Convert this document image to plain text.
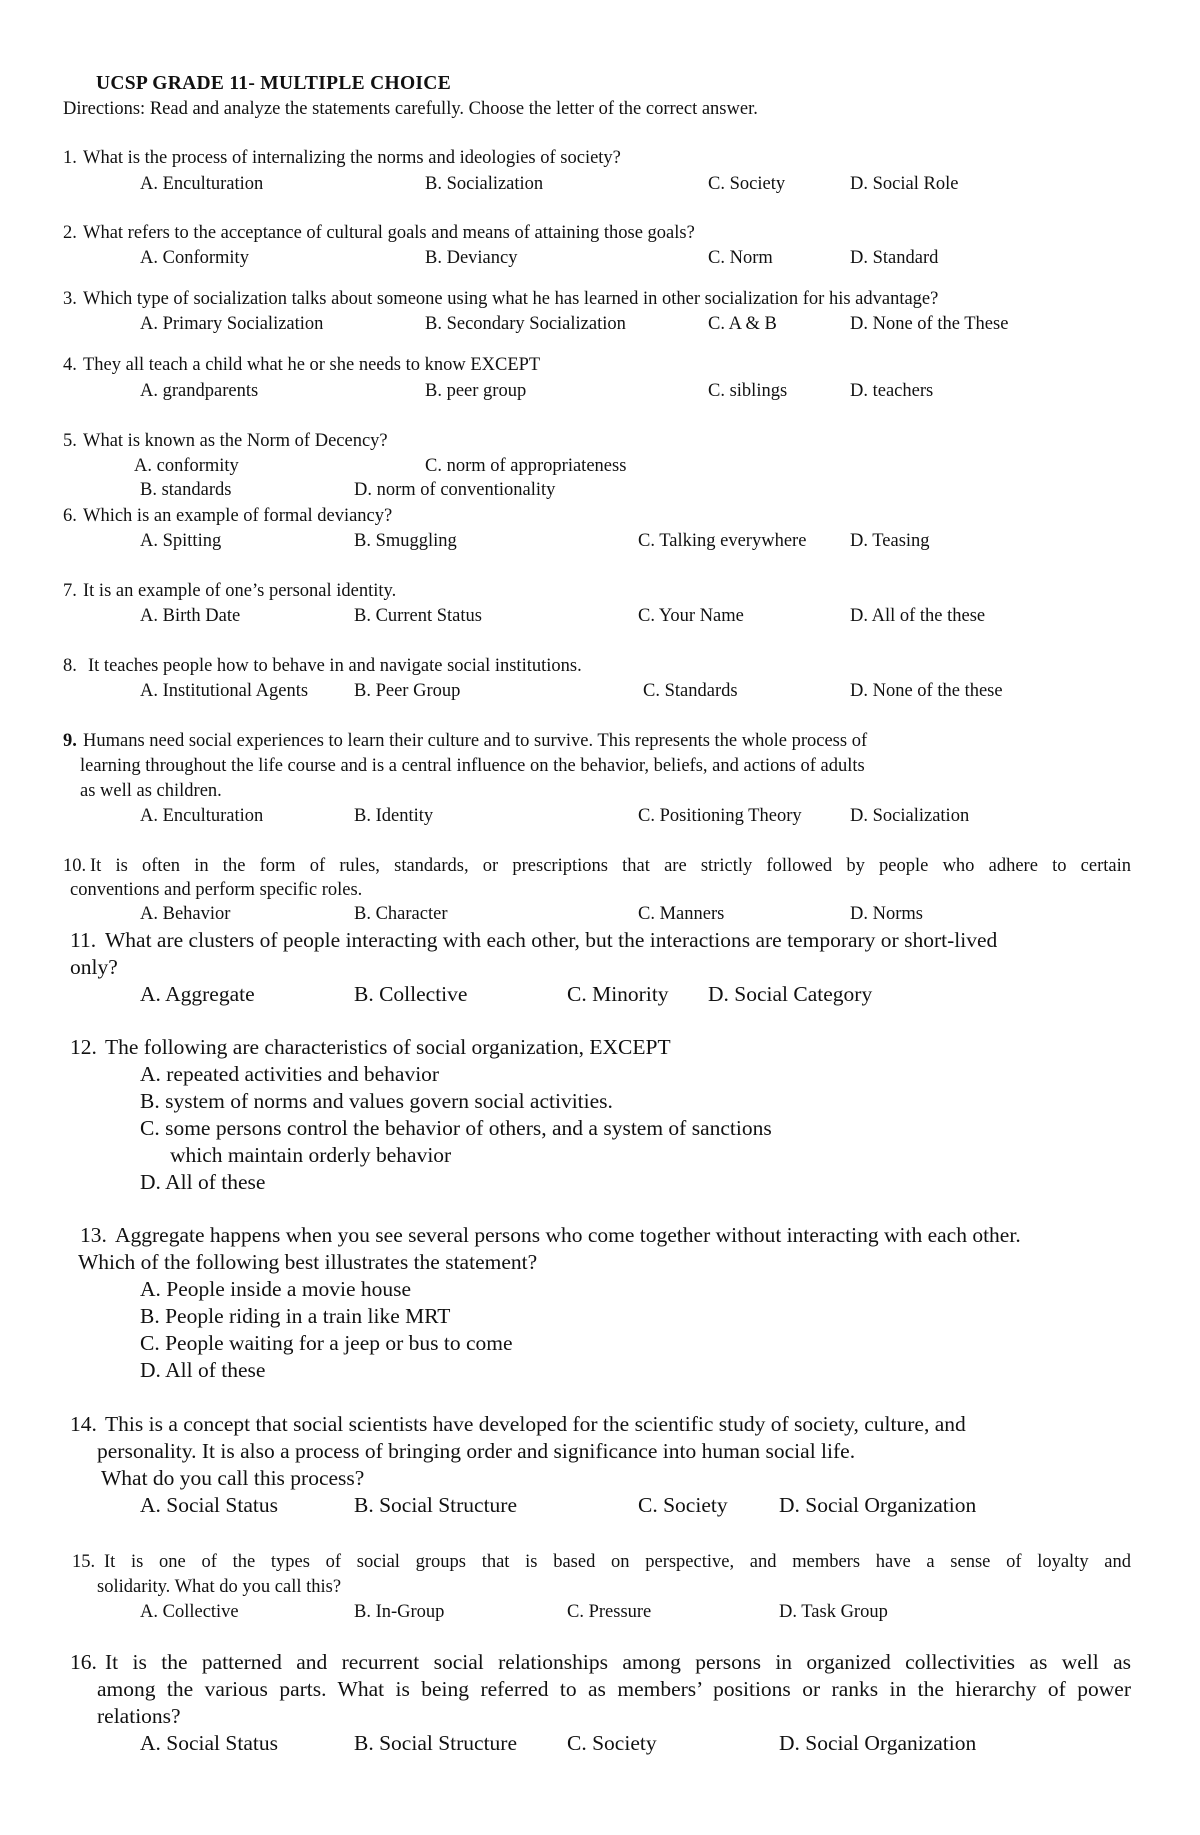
UCSP GRADE 11- MULTIPLE CHOICE
Directions: Read and analyze the statements carefully. Choose the letter of the correct answer.
1. What is the process of internalizing the norms and ideologies of society?
A. Enculturation	B. Socialization	C. Society	D. Social Role
2. What refers to the acceptance of cultural goals and means of attaining those goals?
A. Conformity	B. Deviancy	C. Norm	D. Standard
3. Which type of socialization talks about someone using what he has learned in other socialization for his advantage?
A. Primary Socialization	B. Secondary Socialization	C. A & B	D. None of the These
4. They all teach a child what he or she needs to know EXCEPT
A. grandparents	B. peer group	C. siblings	D. teachers
5. What is known as the Norm of Decency?
A. conformity	C. norm of appropriateness
B. standards	D. norm of conventionality
6. Which is an example of formal deviancy?
A. Spitting	B. Smuggling	C. Talking everywhere D. Teasing
7. It is an example of one’s personal identity.
A. Birth Date	B. Current Status	C. Your Name	D. All of the these
8. It teaches people how to behave in and navigate social institutions.
A. Institutional Agents B. Peer Group	C. Standards	D. None of the these
9. Humans need social experiences to learn their culture and to survive. This represents the whole process of
learning throughout the life course and is a central influence on the behavior, beliefs, and actions of adults
as well as children.
A. Enculturation	B. Identity	C. Positioning Theory	D. Socialization
10. It is often in the form of rules, standards, or prescriptions that are strictly followed by people who adhere to certain
conventions and perform specific roles.
A. Behavior	B. Character	C. Manners	D. Norms
11. What are clusters of people interacting with each other, but the interactions are temporary or short-lived
only?
A. Aggregate	B. Collective	C. Minority D. Social Category
12. The following are characteristics of social organization, EXCEPT
A. repeated activities and behavior
B. system of norms and values govern social activities.
C. some persons control the behavior of others, and a system of sanctions
which maintain orderly behavior
D. All of these
13. Aggregate happens when you see several persons who come together without interacting with each other.
Which of the following best illustrates the statement?
A. People inside a movie house
B. People riding in a train like MRT
C. People waiting for a jeep or bus to come
D. All of these
14. This is a concept that social scientists have developed for the scientific study of society, culture, and
personality. It is also a process of bringing order and significance into human social life.
What do you call this process?
A. Social Status	B. Social Structure	C. Society D. Social Organization
15. It is one of the types of social groups that is based on perspective, and members have a sense of loyalty and
solidarity. What do you call this?
A. Collective	B. In-Group	C. Pressure	D. Task Group
16. It is the patterned and recurrent social relationships among persons in organized collectivities as well as
among the various parts. What is being referred to as members’ positions or ranks in the hierarchy of power
relations?
A. Social Status	B. Social Structure C. Society	D. Social Organization
